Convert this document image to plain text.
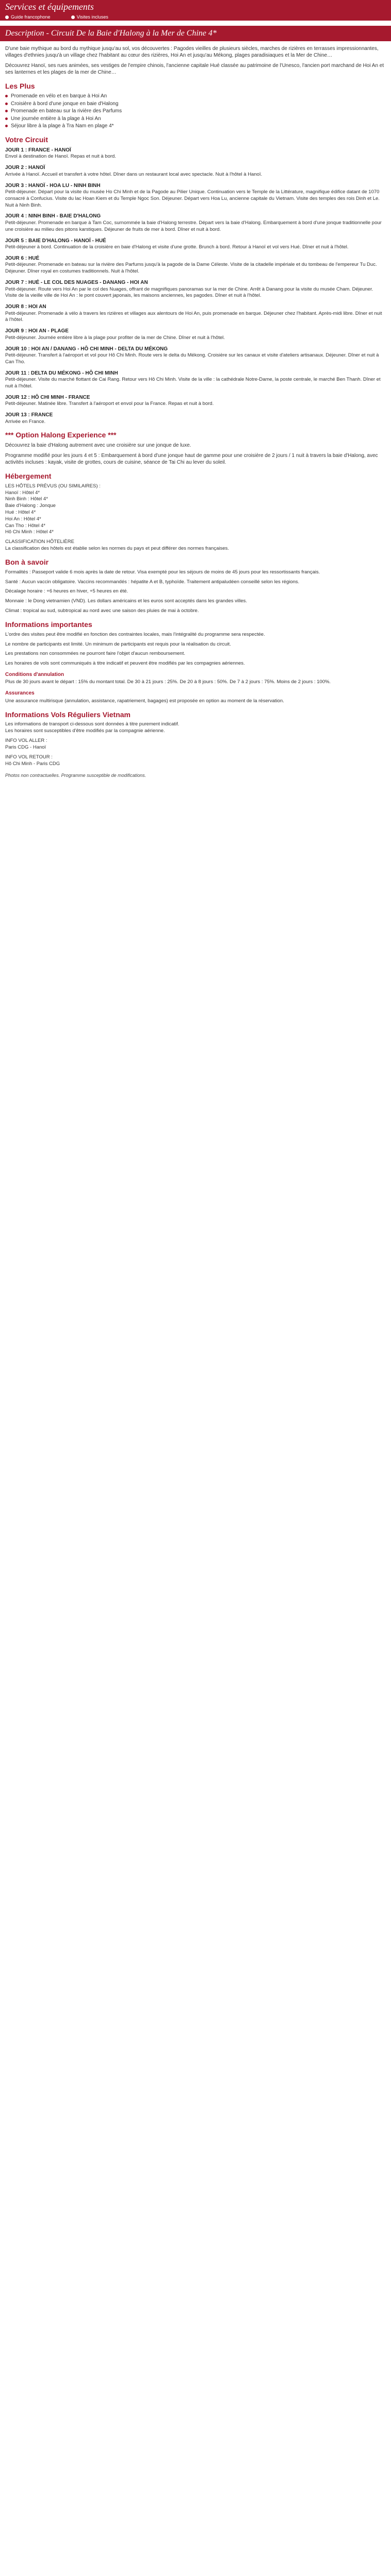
Services et équipements
Guide francophone	Visites incluses
Description - Circuit De la Baie d'Halong à la Mer de Chine 4*

D'une baie mythique au bord du mythique jusqu'au sol, vos découvertes : Pagodes vieilles de plusieurs siècles, marches de rizières en terrasses impressionnantes, villages d'ethnies jusqu'à un village chez l'habitant au cœur des rizières, Hoi An et jusqu'au Mékong, plages paradisiaques et la Mer de Chine…

Découvrez Hanoï, ses rues animées, ses vestiges de l'empire chinois, l'ancienne capitale Hué classée au patrimoine de l'Unesco, l'ancien port marchand de Hoi An et ses lanternes et les plages de la mer de Chine…

Les Plus
Promenade en vélo et en barque à Hoi An
Croisière à bord d'une jonque en baie d'Halong
Promenade en bateau sur la rivière des Parfums
Une journée entière à la plage à Hoi An
Séjour libre à la plage à Tra Nam en plage 4*
Votre Circuit
JOUR 1 : FRANCE - HANOÏ
Envol à destination de Hanoï. Repas et nuit à bord.
JOUR 2 : HANOÏ
Arrivée à Hanoï. Accueil et transfert à votre hôtel. Dîner dans un restaurant local avec spectacle. Nuit à l'hôtel à Hanoï.
JOUR 3 : HANOÏ - HOA LU - NINH BINH
Petit-déjeuner. Départ pour la visite du musée Ho Chi Minh et de la Pagode au Pilier Unique. Continuation vers le Temple de la Littérature, magnifique édifice datant de 1070 consacré à Confucius. Visite du lac Hoan Kiem et du Temple Ngoc Son. Déjeuner. Départ vers Hoa Lu, ancienne capitale du Vietnam. Visite des temples des rois Dinh et Le. Nuit à Ninh Binh.
JOUR 4 : NINH BINH - BAIE D'HALONG
Petit-déjeuner. Promenade en barque à Tam Coc, surnommée la baie d'Halong terrestre. Départ vers la baie d'Halong. Embarquement à bord d'une jonque traditionnelle pour une croisière au milieu des pitons karstiques. Déjeuner de fruits de mer à bord. Dîner et nuit à bord.
JOUR 5 : BAIE D'HALONG - HANOÏ - HUÉ
Petit-déjeuner à bord. Continuation de la croisière en baie d'Halong et visite d'une grotte. Brunch à bord. Retour à Hanoï et vol vers Hué. Dîner et nuit à l'hôtel.
JOUR 6 : HUÉ
Petit-déjeuner. Promenade en bateau sur la rivière des Parfums jusqu'à la pagode de la Dame Céleste. Visite de la citadelle impériale et du tombeau de l'empereur Tu Duc. Déjeuner. Dîner royal en costumes traditionnels. Nuit à l'hôtel.
JOUR 7 : HUÉ - LE COL DES NUAGES - DANANG - HOI AN
Petit-déjeuner. Route vers Hoi An par le col des Nuages, offrant de magnifiques panoramas sur la mer de Chine. Arrêt à Danang pour la visite du musée Cham. Déjeuner. Visite de la vieille ville de Hoi An : le pont couvert japonais, les maisons anciennes, les pagodes. Dîner et nuit à l'hôtel.
JOUR 8 : HOI AN
Petit-déjeuner. Promenade à vélo à travers les rizières et villages aux alentours de Hoi An, puis promenade en barque. Déjeuner chez l'habitant. Après-midi libre. Dîner et nuit à l'hôtel.
JOUR 9 : HOI AN - PLAGE
Petit-déjeuner. Journée entière libre à la plage pour profiter de la mer de Chine. Dîner et nuit à l'hôtel.
JOUR 10 : HOI AN / DANANG - HÔ CHI MINH - DELTA DU MÉKONG
Petit-déjeuner. Transfert à l'aéroport et vol pour Hô Chi Minh. Route vers le delta du Mékong. Croisière sur les canaux et visite d'ateliers artisanaux. Déjeuner. Dîner et nuit à Can Tho.
JOUR 11 : DELTA DU MÉKONG - HÔ CHI MINH
Petit-déjeuner. Visite du marché flottant de Cai Rang. Retour vers Hô Chi Minh. Visite de la ville : la cathédrale Notre-Dame, la poste centrale, le marché Ben Thanh. Dîner et nuit à l'hôtel.
JOUR 12 : HÔ CHI MINH - FRANCE
Petit-déjeuner. Matinée libre. Transfert à l'aéroport et envol pour la France. Repas et nuit à bord.
JOUR 13 : FRANCE
Arrivée en France.
*** Option Halong Experience ***

Découvrez la baie d'Halong autrement avec une croisière sur une jonque de luxe.

Programme modifié pour les jours 4 et 5 : Embarquement à bord d'une jonque haut de gamme pour une croisière de 2 jours / 1 nuit à travers la baie d'Halong, avec activités incluses : kayak, visite de grottes, cours de cuisine, séance de Tai Chi au lever du soleil.

Hébergement

LES HÔTELS PRÉVUS (OU SIMILAIRES) :

Hanoï : Hôtel 4*

Ninh Binh : Hôtel 4*

Baie d'Halong : Jonque

Hué : Hôtel 4*

Hoi An : Hôtel 4*

Can Tho : Hôtel 4*

Hô Chi Minh : Hôtel 4*

CLASSIFICATION HÔTELIÈRE

La classification des hôtels est établie selon les normes du pays et peut différer des normes françaises.

Bon à savoir

Formalités : Passeport valide 6 mois après la date de retour. Visa exempté pour les séjours de moins de 45 jours pour les ressortissants français.

Santé : Aucun vaccin obligatoire. Vaccins recommandés : hépatite A et B, typhoïde. Traitement antipaludéen conseillé selon les régions.

Décalage horaire : +6 heures en hiver, +5 heures en été.

Monnaie : le Dong vietnamien (VND). Les dollars américains et les euros sont acceptés dans les grandes villes.

Climat : tropical au sud, subtropical au nord avec une saison des pluies de mai à octobre.

Informations importantes

L'ordre des visites peut être modifié en fonction des contraintes locales, mais l'intégralité du programme sera respectée.

Le nombre de participants est limité. Un minimum de participants est requis pour la réalisation du circuit.

Les prestations non consommées ne pourront faire l'objet d'aucun remboursement.

Les horaires de vols sont communiqués à titre indicatif et peuvent être modifiés par les compagnies aériennes.

Conditions d'annulation

Plus de 30 jours avant le départ : 15% du montant total. De 30 à 21 jours : 25%. De 20 à 8 jours : 50%. De 7 à 2 jours : 75%. Moins de 2 jours : 100%.

Assurances

Une assurance multirisque (annulation, assistance, rapatriement, bagages) est proposée en option au moment de la réservation.

Informations Vols Réguliers Vietnam

Les informations de transport ci-dessous sont données à titre purement indicatif.

Les horaires sont susceptibles d'être modifiés par la compagnie aérienne.

INFO VOL ALLER :

Paris CDG - Hanoï

INFO VOL RETOUR :

Hô Chi Minh - Paris CDG

Photos non contractuelles. Programme susceptible de modifications.
